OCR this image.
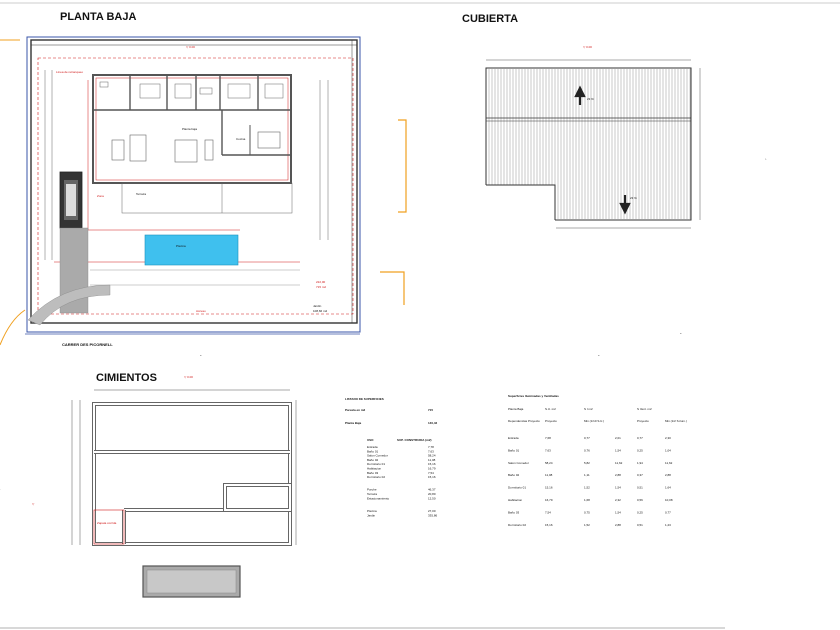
PLANTA BAJA
Planta baja
Cocina
Terraza
Piscina
Línea de retranqueo
Zona
Acceso
222,00
715 m2
Jardín
108,66 m2
CARRER DES PICORNELL
▽ 0.00
CUBIERTA
23 %
23 %
▽ 0.00
CIMIENTOS
Zapata corrida
▽ 0.00
LISTADO DE SUPERFICIES
Parcela en m2	715
Planta Baja	140,42
USO	SUP. CONSTRUIDA (m2)
Entrada	7,78
Baño 01	7,63
Salon Comedor	58,24
Baño 02	11,08
Dormitorio 01	15,16
Habitacion	16,79
Baño 03	7,54
Dormitorio 02	15,16
Porche	46,37
Terraza	20,80
Estacionamiento	12,50
Piscina	27,00
Jardin	335,86
Superficies Iluminadas y Ventiladas
Planta Baja	S.U. m2	S I m2	S Vent. m2
Dependencias Proyecto Proyecto	Min (1/10 S.U.)	Proyecto	Min (1/2 S.ilum.)
Entrada	7,68	0,77	2,01	0,77	2,30
Baño 01	7,63	0,76	1,54	0,25	1,04
Salon Comedor	58,24	5,82	11,62	1,94	11,62
Baño 02	11,08	1,11	2,88	0,37	2,88
Dormitorio 01	15,16	1,52	1,54	0,51	1,64
Habitacion	16,79	1,68	2,32	0,56	10,08
Baño 03	7,54	0,75	1,54	0,25	0,77
Dormitorio 02	15,16	1,52	2,88	0,51	1,23
▫·
⌐
⌐
⌐
·
▽
